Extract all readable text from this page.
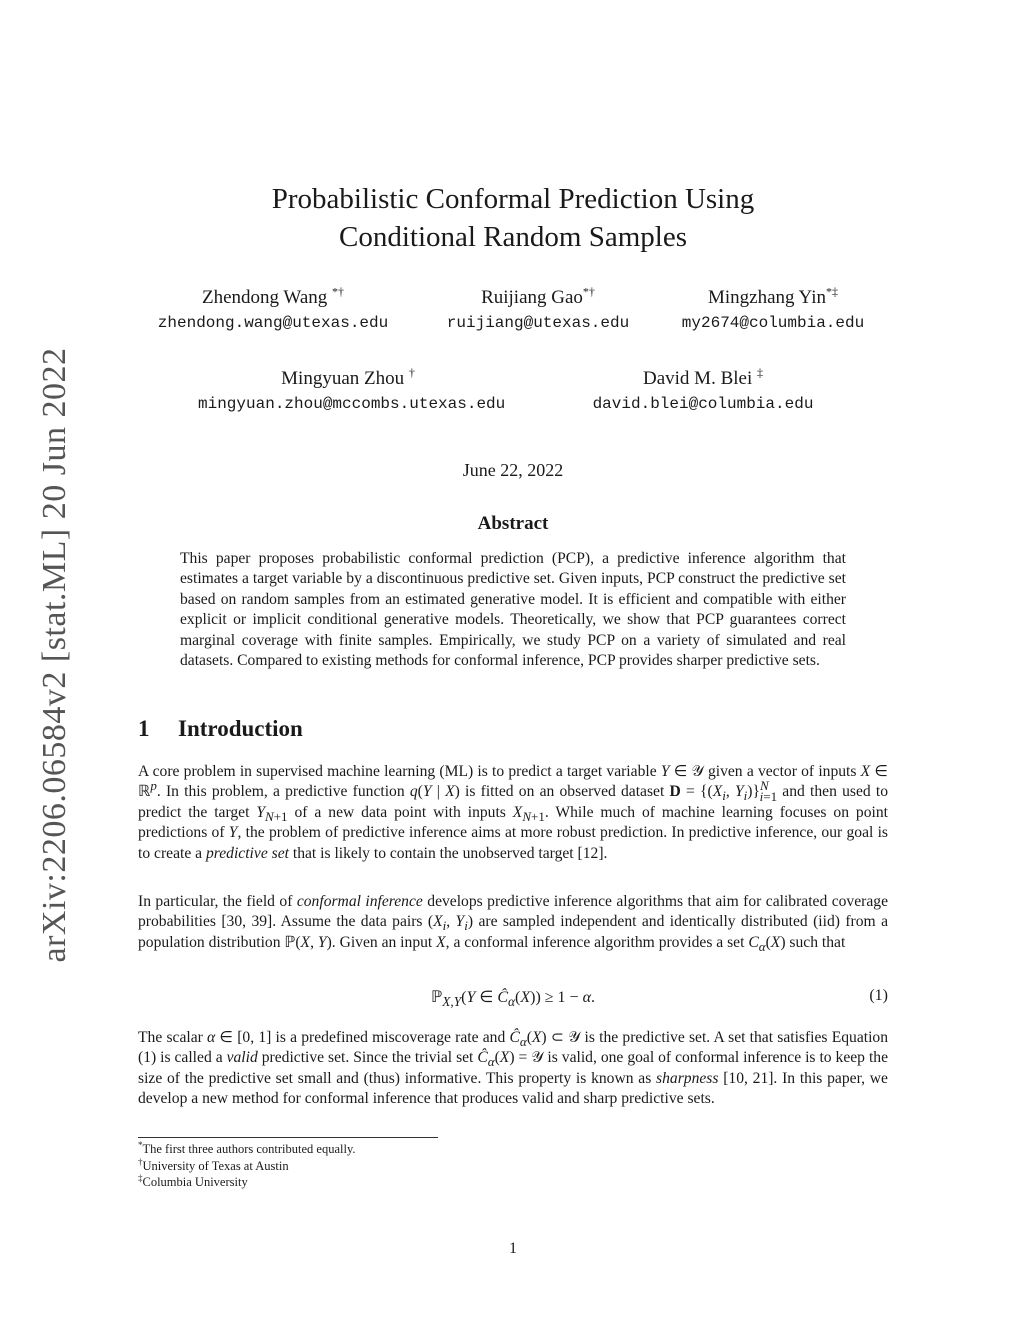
arXiv:2206.06584v2 [stat.ML] 20 Jun 2022
Probabilistic Conformal Prediction Using
Conditional Random Samples
Zhendong Wang *†
zhendong.wang@utexas.edu
Ruijiang Gao*†
ruijiang@utexas.edu
Mingzhang Yin*‡
my2674@columbia.edu
Mingyuan Zhou †
mingyuan.zhou@mccombs.utexas.edu
David M. Blei ‡
david.blei@columbia.edu
June 22, 2022
Abstract

This paper proposes probabilistic conformal prediction (PCP), a predictive inference algorithm that estimates a target variable by a discontinuous predictive set. Given inputs, PCP construct the predictive set based on random samples from an estimated generative model. It is efficient and compatible with either explicit or implicit conditional generative models. Theoretically, we show that PCP guarantees correct marginal coverage with finite samples. Empirically, we study PCP on a variety of simulated and real datasets. Compared to existing methods for conformal inference, PCP provides sharper predictive sets.

1 Introduction

A core problem in supervised machine learning (ML) is to predict a target variable Y ∈ 𝒴 given a vector of inputs X ∈ ℝ$^p$. In this problem, a predictive function q(Y | X) is fitted on an observed dataset $D = \{(X_i$, $Y_i)\}^N_{i=1}$ and then used to predict the target $Y_{N+1}$ of a new data point with inputs $X_{N+1}$. While much of machine learning focuses on point predictions of Y, the problem of predictive inference aims at more robust prediction. In predictive inference, our goal is to create a predictive set that is likely to contain the unobserved target [12].

In particular, the field of conformal inference develops predictive inference algorithms that aim for calibrated coverage probabilities [30, 39]. Assume the data pairs ($X_i$, $Y_i$) are sampled independent and identically distributed (iid) from a population distribution ℙ(X, Y). Given an input X, a conformal inference algorithm provides a set $C_\alpha(X)$ such that

ℙ$_{X,Y}$(Y ∈ $Ĉ_\alpha(X)) \ge 1 - \alpha$.	(1)

The scalar α ∈ [0, 1] is a predefined miscoverage rate and $Ĉ_\alpha(X)$ ⊂ 𝒴 is the predictive set. A set that satisfies Equation (1) is called a valid predictive set. Since the trivial set $Ĉ_\alpha(X)$ = 𝒴 is valid, one goal of conformal inference is to keep the size of the predictive set small and (thus) informative. This property is known as sharpness [10, 21]. In this paper, we develop a new method for conformal inference that produces valid and sharp predictive sets.

*The first three authors contributed equally.

†University of Texas at Austin

‡Columbia University

1
